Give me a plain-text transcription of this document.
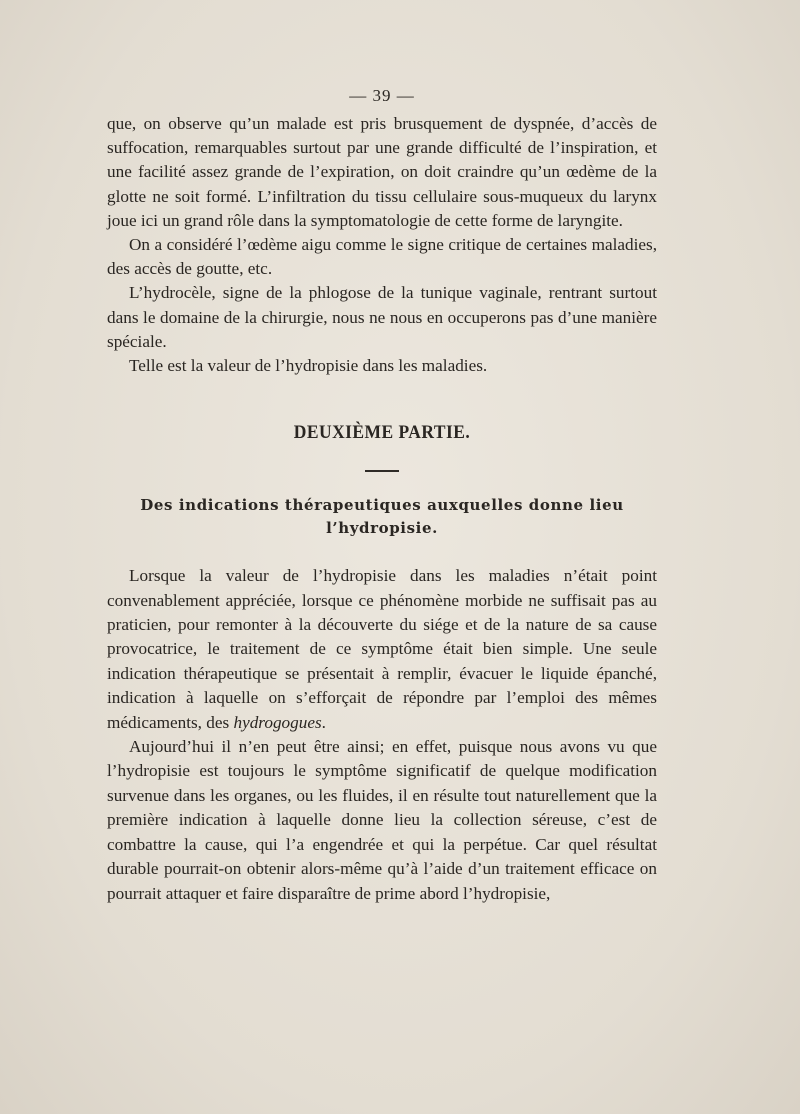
— 39 —

que, on observe qu’un malade est pris brusquement de dyspnée, d’accès de suffocation, remarquables surtout par une grande difficulté de l’inspiration, et une facilité assez grande de l’expiration, on doit craindre qu’un œdème de la glotte ne soit formé. L’infiltration du tissu cellulaire sous-muqueux du larynx joue ici un grand rôle dans la symptomatologie de cette forme de laryngite.

On a considéré l’œdème aigu comme le signe critique de certaines maladies, des accès de goutte, etc.

L’hydrocèle, signe de la phlogose de la tunique vaginale, rentrant surtout dans le domaine de la chirurgie, nous ne nous en occuperons pas d’une manière spéciale.

Telle est la valeur de l’hydropisie dans les maladies.

DEUXIÈME PARTIE.
Des indications thérapeutiques auxquelles donne lieu
l’hydropisie.

Lorsque la valeur de l’hydropisie dans les maladies n’était point convenablement appréciée, lorsque ce phénomène morbide ne suffisait pas au praticien, pour remonter à la découverte du siége et de la nature de sa cause provocatrice, le traitement de ce symptôme était bien simple. Une seule indication thérapeutique se présentait à remplir, évacuer le liquide épanché, indication à laquelle on s’efforçait de répondre par l’emploi des mêmes médicaments, des hydrogogues.

Aujourd’hui il n’en peut être ainsi; en effet, puisque nous avons vu que l’hydropisie est toujours le symptôme significatif de quelque modification survenue dans les organes, ou les fluides, il en résulte tout naturellement que la première indication à laquelle donne lieu la collection séreuse, c’est de combattre la cause, qui l’a engendrée et qui la perpétue. Car quel résultat durable pourrait-on obtenir alors-même qu’à l’aide d’un traitement efficace on pourrait attaquer et faire disparaître de prime abord l’hydropisie,
